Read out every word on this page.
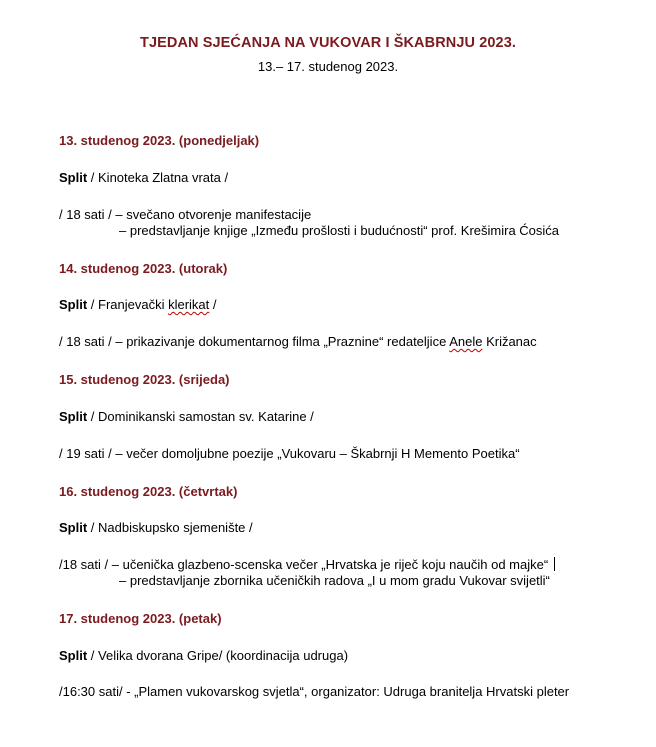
TJEDAN SJEĆANJA NA VUKOVAR I ŠKABRNJU 2023.
13.– 17. studenog 2023.
13. studenog 2023. (ponedjeljak)
Split / Kinoteka Zlatna vrata /
/ 18 sati / – svečano otvorenje manifestacije
– predstavljanje knjige „Između prošlosti i budućnosti“ prof. Krešimira Ćosića
14. studenog 2023. (utorak)
Split / Franjevački klerikat /
/ 18 sati / – prikazivanje dokumentarnog filma „Praznine“ redateljice Anele Križanac
15. studenog 2023. (srijeda)
Split / Dominikanski samostan sv. Katarine /
/ 19 sati / – večer domoljubne poezije „Vukovaru – Škabrnji H Memento Poetika“
16. studenog 2023. (četvrtak)
Split / Nadbiskupsko sjemenište /
/18 sati / – učenička glazbeno-scenska večer „Hrvatska je riječ koju naučih od majke“
– predstavljanje zbornika učeničkih radova „I u mom gradu Vukovar svijetli“
17. studenog 2023. (petak)
Split / Velika dvorana Gripe/ (koordinacija udruga)
/16:30 sati/ - „Plamen vukovarskog svjetla“, organizator: Udruga branitelja Hrvatski pleter
